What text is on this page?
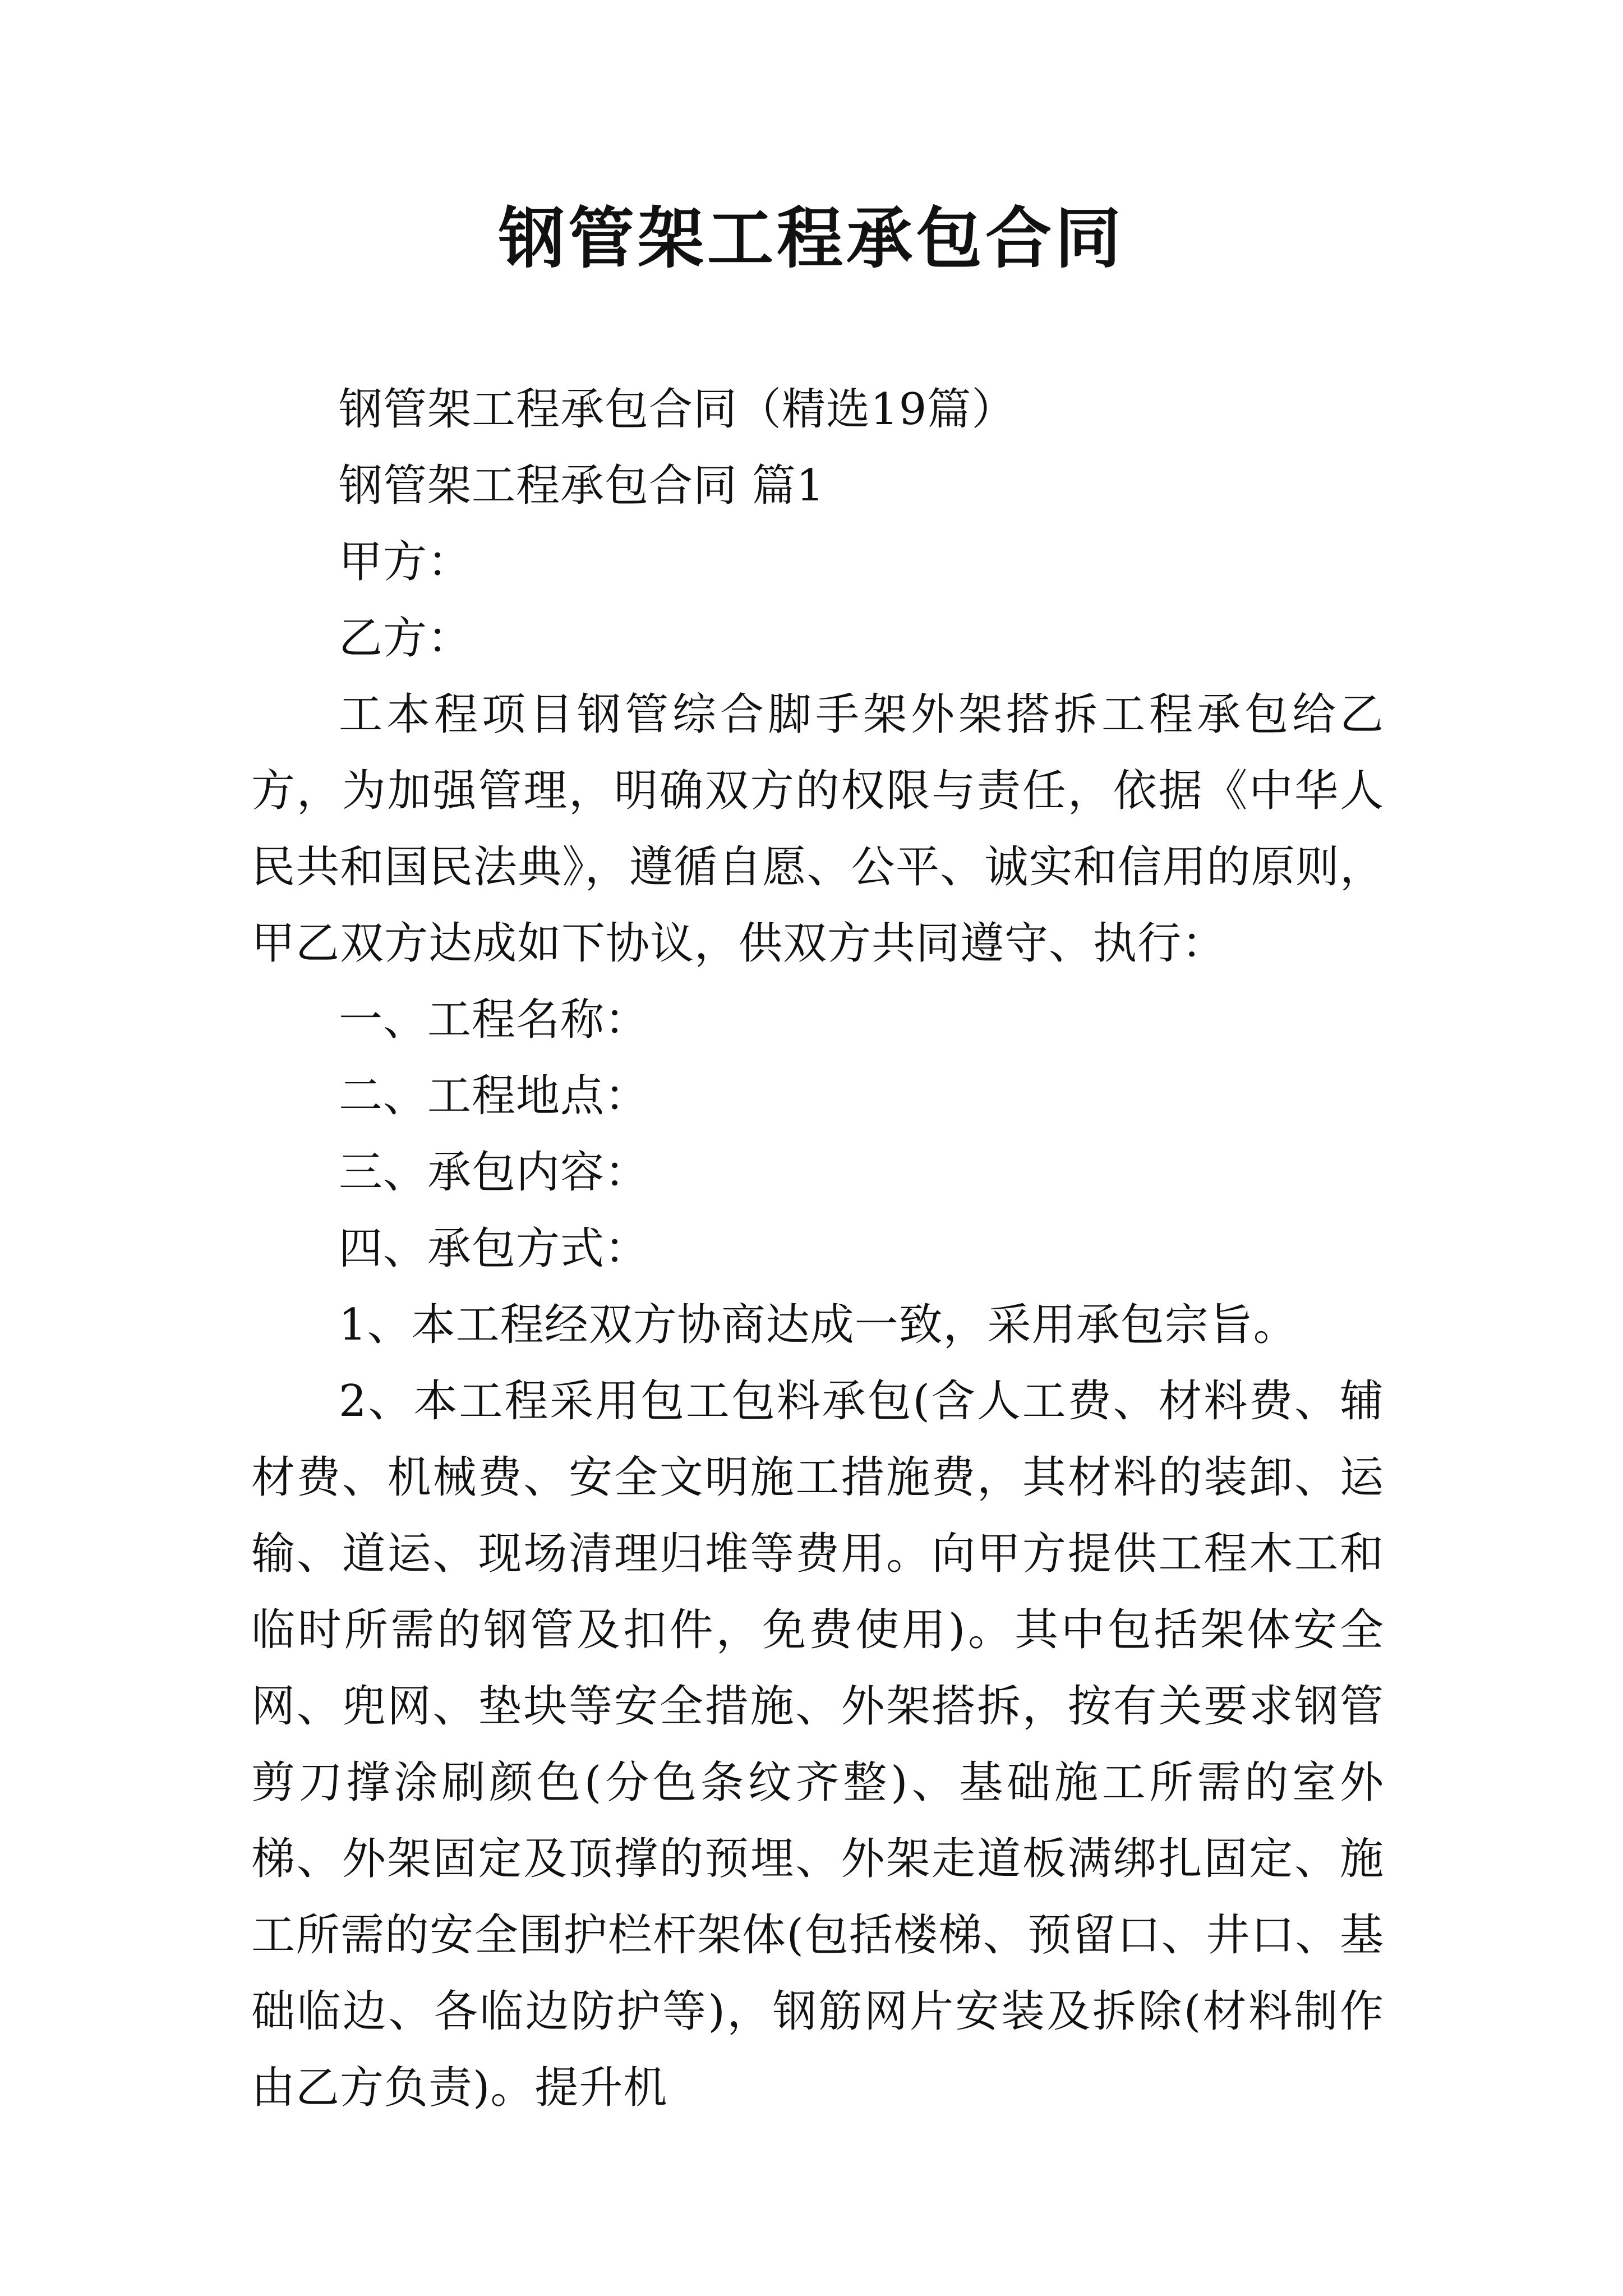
钢管架工程承包合同

钢管架工程承包合同（精选19篇）

钢管架工程承包合同 篇1

甲方：

乙方：

工本程项目钢管综合脚手架外架搭拆工程承包给乙方，为加强管理，明确双方的权限与责任，依据《中华人民共和国民法典》，遵循自愿、公平、诚实和信用的原则，甲乙双方达成如下协议，供双方共同遵守、执行：

一、工程名称：

二、工程地点：

三、承包内容：

四、承包方式：

1、本工程经双方协商达成一致，采用承包宗旨。

2、本工程采用包工包料承包(含人工费、材料费、辅材费、机械费、安全文明施工措施费，其材料的装卸、运输、道运、现场清理归堆等费用。向甲方提供工程木工和临时所需的钢管及扣件，免费使用)。其中包括架体安全网、兜网、垫块等安全措施、外架搭拆，按有关要求钢管剪刀撑涂刷颜色(分色条纹齐整)、基础施工所需的室外梯、外架固定及顶撑的预埋、外架走道板满绑扎固定、施工所需的安全围护栏杆架体(包括楼梯、预留口、井口、基础临边、各临边防护等)，钢筋网片安装及拆除(材料制作由乙方负责)。提升机
